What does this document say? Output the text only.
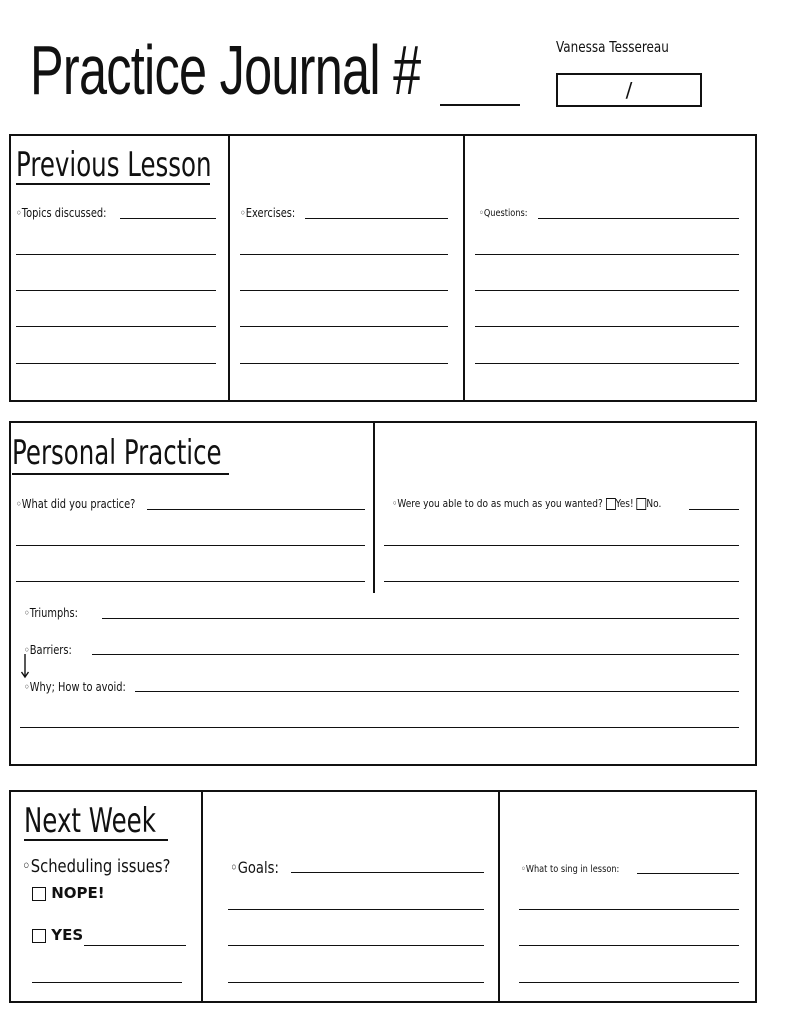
Practice Journal #	Vanessa Tessereau
/
Previous Lesson
◦Topics discussed:	◦Exercises:	◦Questions:
Personal Practice
◦What did you practice?	◦Were you able to do as much as you wanted? Yes! No.
◦Triumphs:
◦Barriers:
◦Why; How to avoid:
Next Week
◦Scheduling issues?
NOPE!
YES
◦Goals:	◦What to sing in lesson:
